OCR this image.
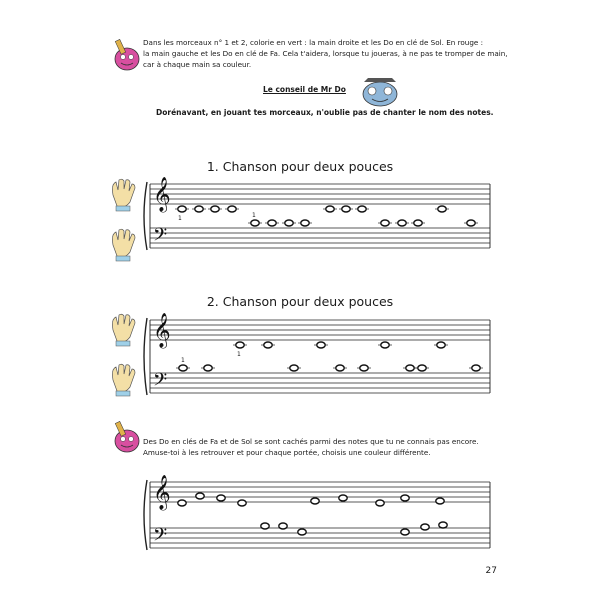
𝄞
𝄢
1	1
𝄞
𝄢
1
1
𝄞
𝄢
Dans les morceaux n° 1 et 2, colorie en vert : la main droite et les Do en clé de Sol. En rouge :
la main gauche et les Do en clé de Fa. Cela t'aidera, lorsque tu joueras, à ne pas te tromper de main,
car à chaque main sa couleur.
Le conseil de Mr Do
Dorénavant, en jouant tes morceaux, n'oublie pas de chanter le nom des notes.
1. Chanson pour deux pouces
2. Chanson pour deux pouces
Des Do en clés de Fa et de Sol se sont cachés parmi des notes que tu ne connais pas encore.
Amuse-toi à les retrouver et pour chaque portée, choisis une couleur différente.
27
